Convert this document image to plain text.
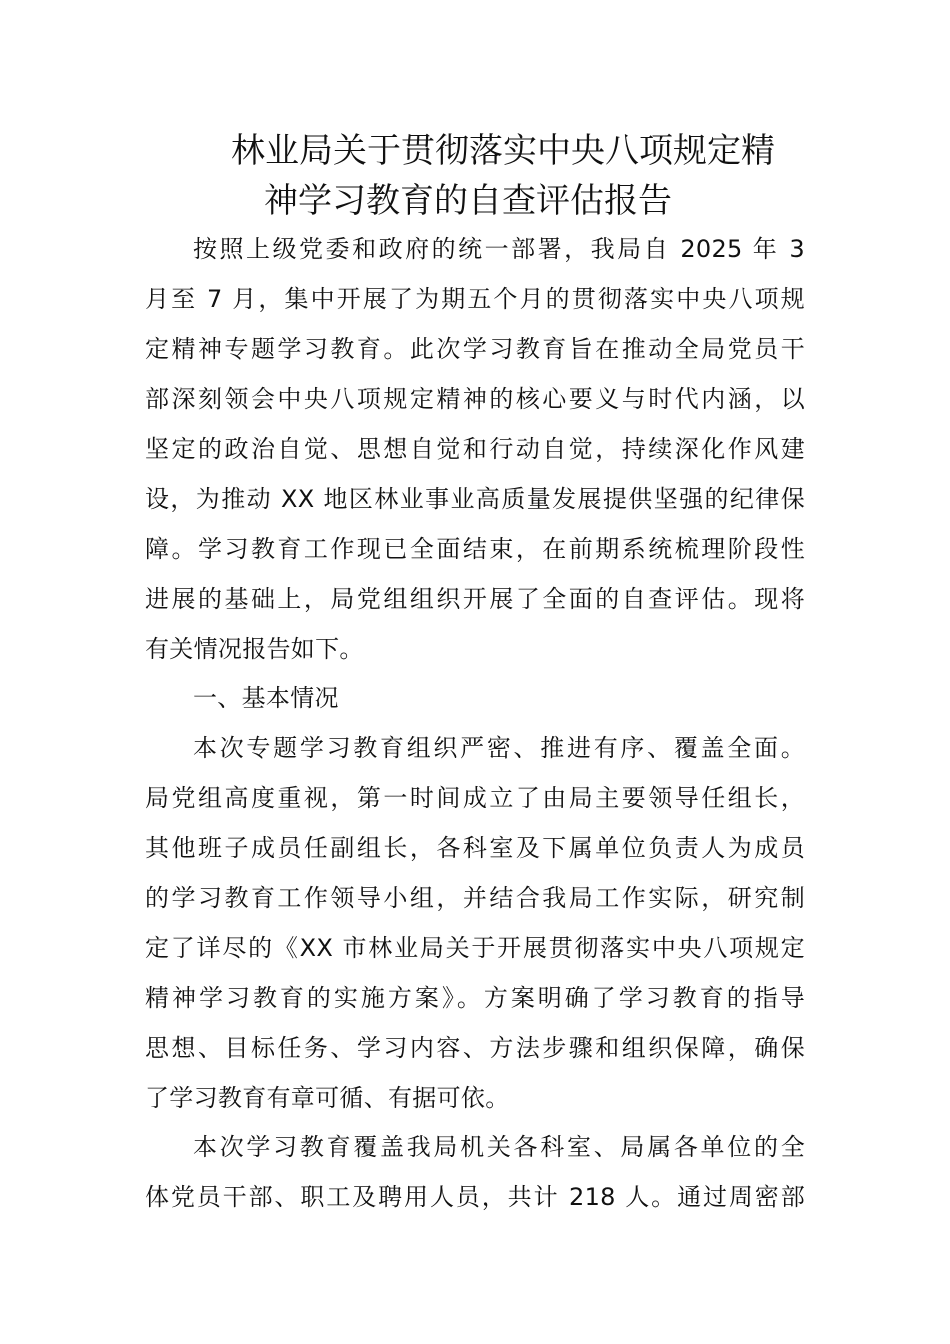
林业局关于贯彻落实中央八项规定精
神学习教育的自查评估报告
按照上级党委和政府的统一部署，我局自 2025 年 3
月至 7 月，集中开展了为期五个月的贯彻落实中央八项规
定精神专题学习教育。此次学习教育旨在推动全局党员干
部深刻领会中央八项规定精神的核心要义与时代内涵，以
坚定的政治自觉、思想自觉和行动自觉，持续深化作风建
设，为推动 XX 地区林业事业高质量发展提供坚强的纪律保
障。学习教育工作现已全面结束，在前期系统梳理阶段性
进展的基础上，局党组组织开展了全面的自查评估。现将
有关情况报告如下。
一、基本情况
本次专题学习教育组织严密、推进有序、覆盖全面。
局党组高度重视，第一时间成立了由局主要领导任组长，
其他班子成员任副组长，各科室及下属单位负责人为成员
的学习教育工作领导小组，并结合我局工作实际，研究制
定了详尽的《XX 市林业局关于开展贯彻落实中央八项规定
精神学习教育的实施方案》。方案明确了学习教育的指导
思想、目标任务、学习内容、方法步骤和组织保障，确保
了学习教育有章可循、有据可依。
本次学习教育覆盖我局机关各科室、局属各单位的全
体党员干部、职工及聘用人员，共计 218 人。通过周密部
